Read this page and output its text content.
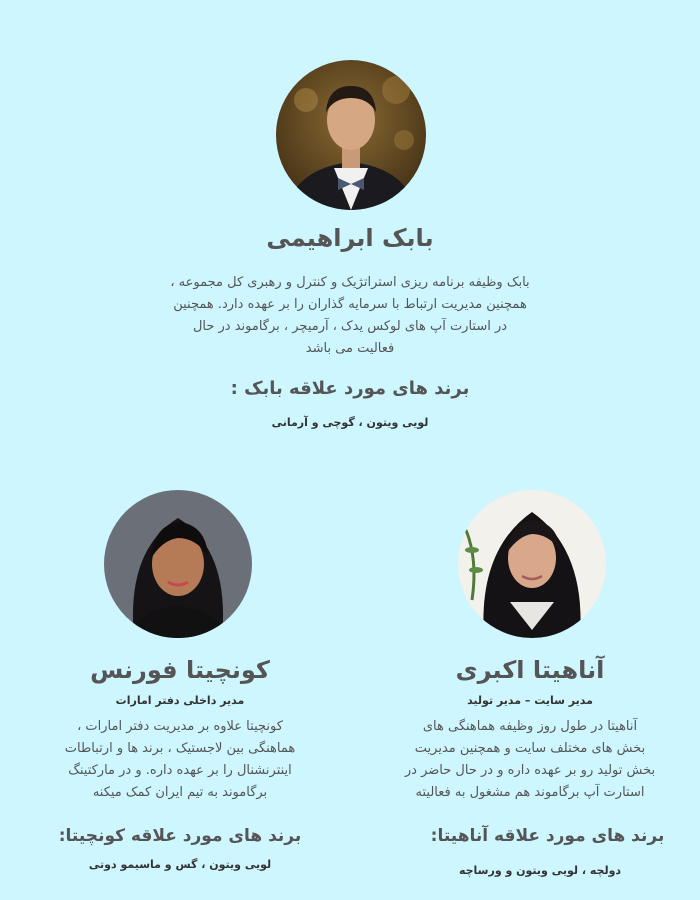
بابک ابراهیمی
بابک وظیفه برنامه ریزی استراتژیک و کنترل و رهبری کل مجموعه ،
همچنین مدیریت ارتباط با سرمایه گذاران را بر عهده دارد. همچنین
در استارت آپ های لوکس یدک ، آرمیچر ، برگاموند در حال
فعالیت می باشد
برند های مورد علاقه بابک :
لویی ویتون ، گوچی و آرمانی
کونچیتا فورنس
مدیر داخلی دفتر امارات
کونچیتا علاوه بر مدیریت دفتر امارات ،
هماهنگی بین لاجستیک ، برند ها و ارتباطات
اینترنشنال را بر عهده داره. و در مارکتینگ
برگاموند به تیم ایران کمک میکنه
برند های مورد علاقه کونچیتا:
لویی ویتون ، گس و ماسیمو دوتی
آناهیتا اکبری
مدیر سایت – مدیر تولید
آناهیتا در طول روز وظیفه هماهنگی های
بخش های مختلف سایت و همچنین مدیریت
بخش تولید رو بر عهده داره و در حال حاضر در
استارت آپ برگاموند هم مشغول به فعالیته
برند های مورد علاقه آناهیتا:
دولچه ، لویی ویتون و ورساچه
